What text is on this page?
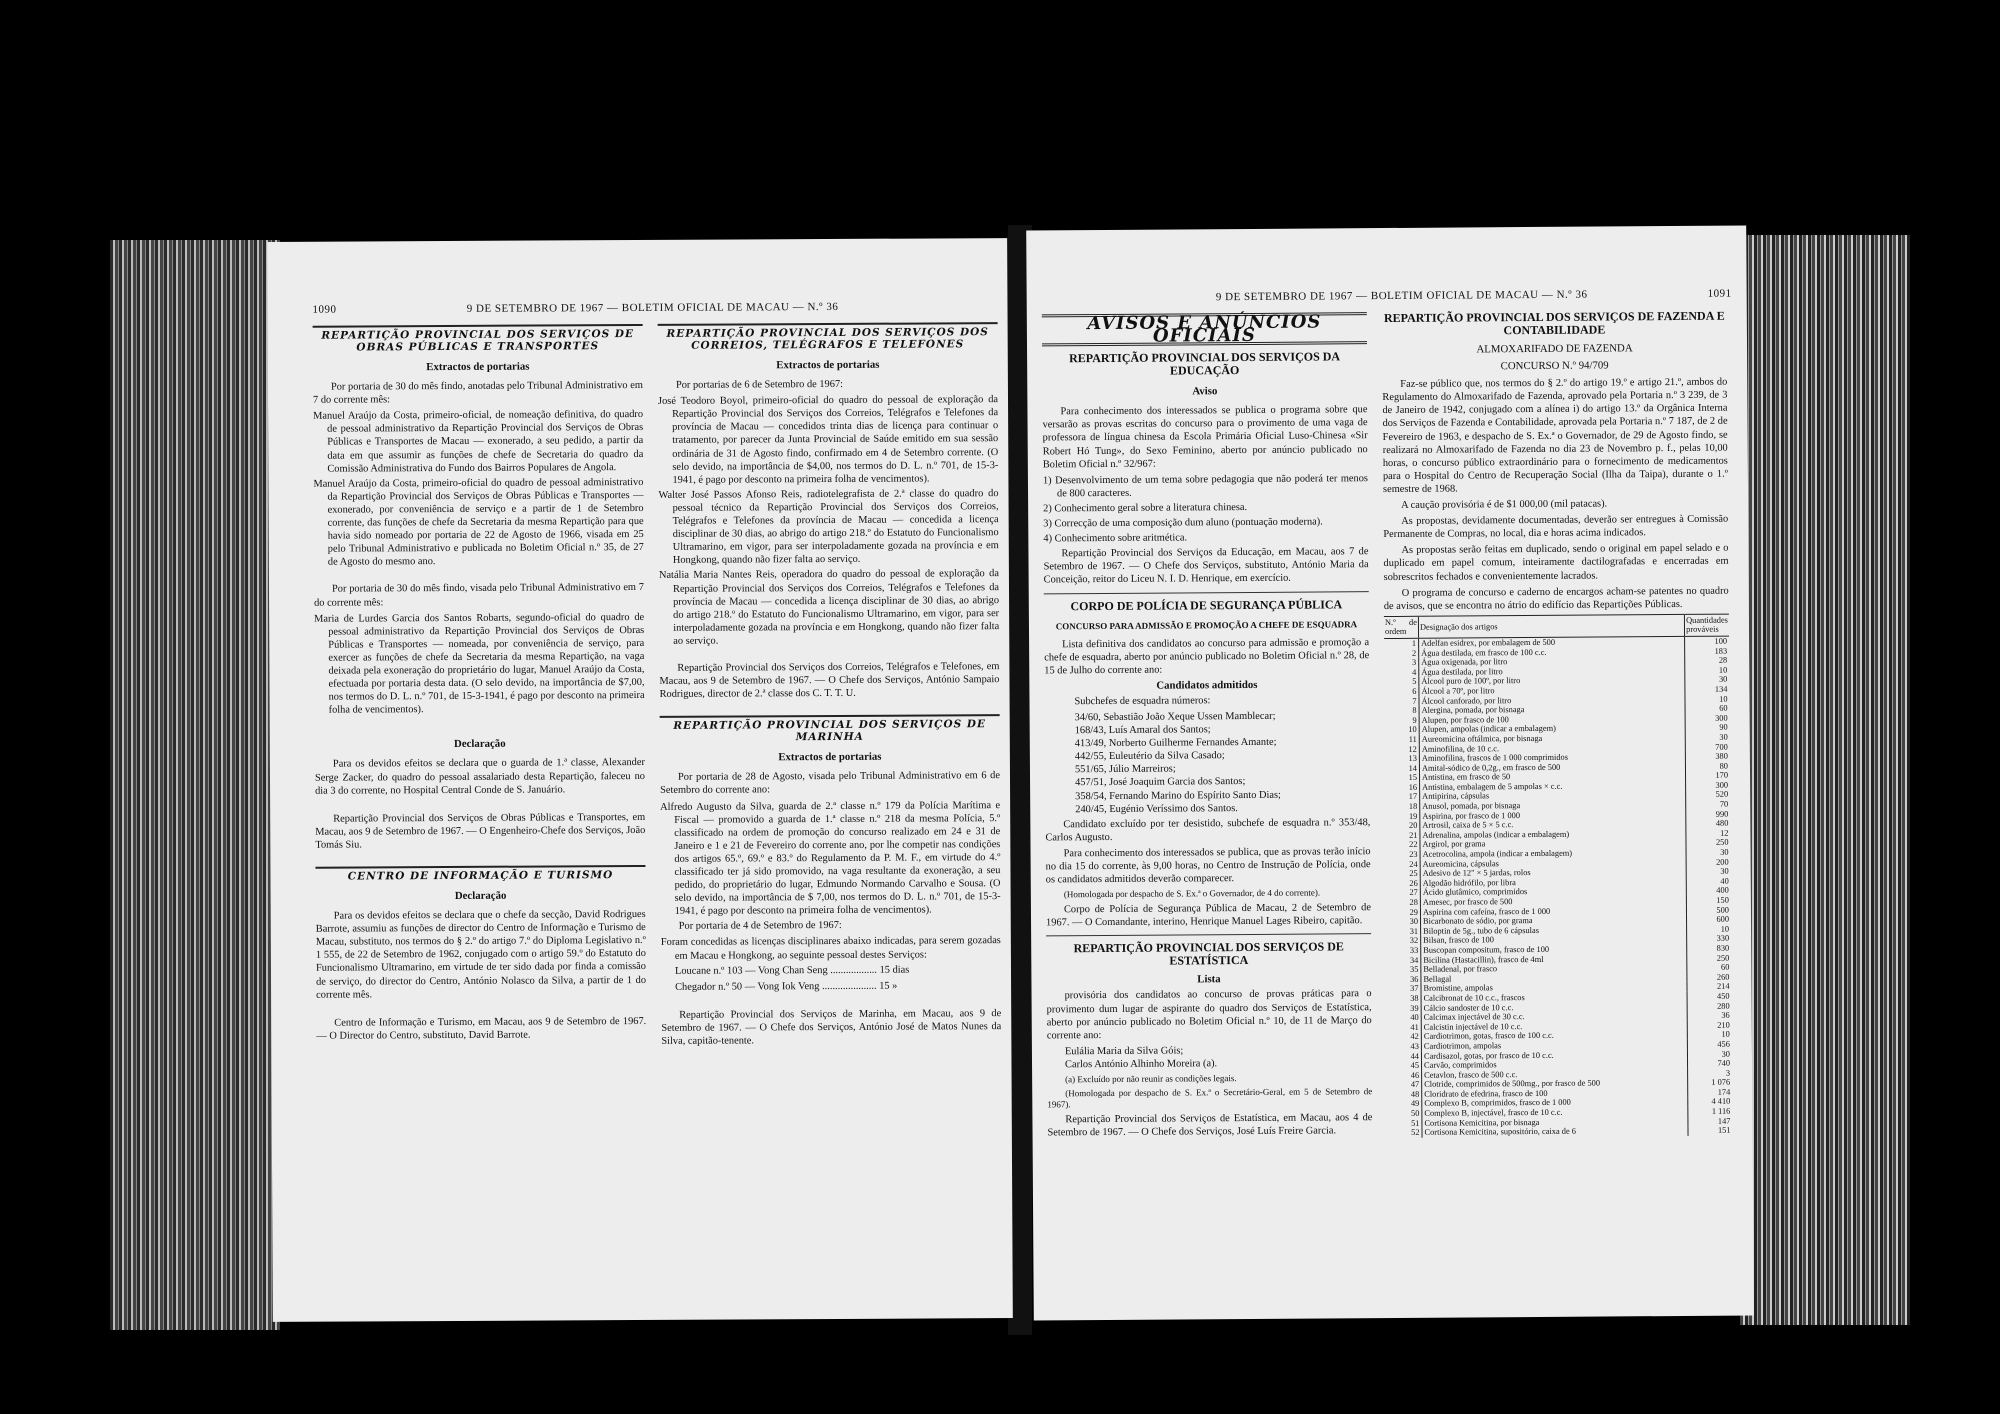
1090	9 DE SETEMBRO DE 1967 — BOLETIM OFICIAL DE MACAU — N.º 36
REPARTIÇÃO PROVINCIAL DOS SERVIÇOS DE OBRAS PÚBLICAS E TRANSPORTES
Extractos de portarias

Por portaria de 30 do mês findo, anotadas pelo Tribunal Administrativo em 7 do corrente mês:

Manuel Araújo da Costa, primeiro-oficial, de nomeação definitiva, do quadro de pessoal administrativo da Repartição Provincial dos Serviços de Obras Públicas e Transportes de Macau — exonerado, a seu pedido, a partir da data em que assumir as funções de chefe de Secretaria do quadro da Comissão Administrativa do Fundo dos Bairros Populares de Angola.

Manuel Araújo da Costa, primeiro-oficial do quadro de pessoal administrativo da Repartição Provincial dos Serviços de Obras Públicas e Transportes — exonerado, por conveniência de serviço e a partir de 1 de Setembro corrente, das funções de chefe da Secretaria da mesma Repartição para que havia sido nomeado por portaria de 22 de Agosto de 1966, visada em 25 pelo Tribunal Administrativo e publicada no Boletim Oficial n.º 35, de 27 de Agosto do mesmo ano.

Por portaria de 30 do mês findo, visada pelo Tribunal Administrativo em 7 do corrente mês:

Maria de Lurdes Garcia dos Santos Robarts, segundo-oficial do quadro de pessoal administrativo da Repartição Provincial dos Serviços de Obras Públicas e Transportes — nomeada, por conveniência de serviço, para exercer as funções de chefe da Secretaria da mesma Repartição, na vaga deixada pela exoneração do proprietário do lugar, Manuel Araújo da Costa, efectuada por portaria desta data. (O selo devido, na importância de $7,00, nos termos do D. L. n.º 701, de 15-3-1941, é pago por desconto na primeira folha de vencimentos).

Declaração

Para os devidos efeitos se declara que o guarda de 1.ª classe, Alexander Serge Zacker, do quadro do pessoal assalariado desta Repartição, faleceu no dia 3 do corrente, no Hospital Central Conde de S. Januário.

Repartição Provincial dos Serviços de Obras Públicas e Transportes, em Macau, aos 9 de Setembro de 1967. — O Engenheiro-Chefe dos Serviços, João Tomás Siu.

CENTRO DE INFORMAÇÃO E TURISMO
Declaração

Para os devidos efeitos se declara que o chefe da secção, David Rodrigues Barrote, assumiu as funções de director do Centro de Informação e Turismo de Macau, substituto, nos termos do § 2.º do artigo 7.º do Diploma Legislativo n.º 1 555, de 22 de Setembro de 1962, conjugado com o artigo 59.º do Estatuto do Funcionalismo Ultramarino, em virtude de ter sido dada por finda a comissão de serviço, do director do Centro, António Nolasco da Silva, a partir de 1 do corrente mês.

Centro de Informação e Turismo, em Macau, aos 9 de Setembro de 1967. — O Director do Centro, substituto, David Barrote.

REPARTIÇÃO PROVINCIAL DOS SERVIÇOS DOS CORREIOS, TELÉGRAFOS E TELEFONES
Extractos de portarias

Por portarias de 6 de Setembro de 1967:

José Teodoro Boyol, primeiro-oficial do quadro do pessoal de exploração da Repartição Provincial dos Serviços dos Correios, Telégrafos e Telefones da província de Macau — concedidos trinta dias de licença para continuar o tratamento, por parecer da Junta Provincial de Saúde emitido em sua sessão ordinária de 31 de Agosto findo, confirmado em 4 de Setembro corrente. (O selo devido, na importância de $4,00, nos termos do D. L. n.º 701, de 15-3-1941, é pago por desconto na primeira folha de vencimentos).

Walter José Passos Afonso Reis, radiotelegrafista de 2.ª classe do quadro do pessoal técnico da Repartição Provincial dos Serviços dos Correios, Telégrafos e Telefones da província de Macau — concedida a licença disciplinar de 30 dias, ao abrigo do artigo 218.º do Estatuto do Funcionalismo Ultramarino, em vigor, para ser interpoladamente gozada na província e em Hongkong, quando não fizer falta ao serviço.

Natália Maria Nantes Reis, operadora do quadro do pessoal de exploração da Repartição Provincial dos Serviços dos Correios, Telégrafos e Telefones da província de Macau — concedida a licença disciplinar de 30 dias, ao abrigo do artigo 218.º do Estatuto do Funcionalismo Ultramarino, em vigor, para ser interpoladamente gozada na província e em Hongkong, quando não fizer falta ao serviço.

Repartição Provincial dos Serviços dos Correios, Telégrafos e Telefones, em Macau, aos 9 de Setembro de 1967. — O Chefe dos Serviços, António Sampaio Rodrigues, director de 2.ª classe dos C. T. T. U.

REPARTIÇÃO PROVINCIAL DOS SERVIÇOS DE MARINHA
Extractos de portarias

Por portaria de 28 de Agosto, visada pelo Tribunal Administrativo em 6 de Setembro do corrente ano:

Alfredo Augusto da Silva, guarda de 2.ª classe n.º 179 da Polícia Marítima e Fiscal — promovido a guarda de 1.ª classe n.º 218 da mesma Polícia, 5.º classificado na ordem de promoção do concurso realizado em 24 e 31 de Janeiro e 1 e 21 de Fevereiro do corrente ano, por lhe competir nas condições dos artigos 65.º, 69.º e 83.º do Regulamento da P. M. F., em virtude do 4.º classificado ter já sido promovido, na vaga resultante da exoneração, a seu pedido, do proprietário do lugar, Edmundo Normando Carvalho e Sousa. (O selo devido, na importância de $ 7,00, nos termos do D. L. n.º 701, de 15-3-1941, é pago por desconto na primeira folha de vencimentos).

Por portaria de 4 de Setembro de 1967:

Foram concedidas as licenças disciplinares abaixo indicadas, para serem gozadas em Macau e Hongkong, ao seguinte pessoal destes Serviços:

Loucane n.º 103 — Vong Chan Seng .................. 15 dias

Chegador n.º 50 — Vong Iok Veng ..................... 15 »

Repartição Provincial dos Serviços de Marinha, em Macau, aos 9 de Setembro de 1967. — O Chefe dos Serviços, António José de Matos Nunes da Silva, capitão-tenente.

9 DE SETEMBRO DE 1967 — BOLETIM OFICIAL DE MACAU — N.º 36	1091
AVISOS E ANÚNCIOS OFICIAIS
REPARTIÇÃO PROVINCIAL DOS SERVIÇOS DA EDUCAÇÃO
Aviso

Para conhecimento dos interessados se publica o programa sobre que versarão as provas escritas do concurso para o provimento de uma vaga de professora de língua chinesa da Escola Primária Oficial Luso-Chinesa «Sir Robert Hó Tung», do Sexo Feminino, aberto por anúncio publicado no Boletim Oficial n.º 32/967:

1) Desenvolvimento de um tema sobre pedagogia que não poderá ter menos de 800 caracteres.

2) Conhecimento geral sobre a literatura chinesa.

3) Correcção de uma composição dum aluno (pontuação moderna).

4) Conhecimento sobre aritmética.

Repartição Provincial dos Serviços da Educação, em Macau, aos 7 de Setembro de 1967. — O Chefe dos Serviços, substituto, António Maria da Conceição, reitor do Liceu N. I. D. Henrique, em exercício.

CORPO DE POLÍCIA DE SEGURANÇA PÚBLICA
CONCURSO PARA ADMISSÃO E PROMOÇÃO A CHEFE DE ESQUADRA

Lista definitiva dos candidatos ao concurso para admissão e promoção a chefe de esquadra, aberto por anúncio publicado no Boletim Oficial n.º 28, de 15 de Julho do corrente ano:

Candidatos admitidos

Subchefes de esquadra números:

34/60, Sebastião João Xeque Ussen Mamblecar;

168/43, Luís Amaral dos Santos;

413/49, Norberto Guilherme Fernandes Amante;

442/55, Euleutério da Silva Casado;

551/65, Júlio Marreiros;

457/51, José Joaquim Garcia dos Santos;

358/54, Fernando Marino do Espírito Santo Dias;

240/45, Eugénio Veríssimo dos Santos.

Candidato excluído por ter desistido, subchefe de esquadra n.º 353/48, Carlos Augusto.

Para conhecimento dos interessados se publica, que as provas terão início no dia 15 do corrente, às 9,00 horas, no Centro de Instrução de Polícia, onde os candidatos admitidos deverão comparecer.

(Homologada por despacho de S. Ex.ª o Governador, de 4 do corrente).

Corpo de Polícia de Segurança Pública de Macau, 2 de Setembro de 1967. — O Comandante, interino, Henrique Manuel Lages Ribeiro, capitão.

REPARTIÇÃO PROVINCIAL DOS SERVIÇOS DE ESTATÍSTICA
Lista

provisória dos candidatos ao concurso de provas práticas para o provimento dum lugar de aspirante do quadro dos Serviços de Estatística, aberto por anúncio publicado no Boletim Oficial n.º 10, de 11 de Março do corrente ano:

Eulália Maria da Silva Góis;

Carlos António Alhinho Moreira (a).

(a) Excluído por não reunir as condições legais.

(Homologada por despacho de S. Ex.ª o Secretário-Geral, em 5 de Setembro de 1967).

Repartição Provincial dos Serviços de Estatística, em Macau, aos 4 de Setembro de 1967. — O Chefe dos Serviços, José Luís Freire Garcia.

REPARTIÇÃO PROVINCIAL DOS SERVIÇOS DE FAZENDA E CONTABILIDADE
ALMOXARIFADO DE FAZENDA
CONCURSO N.º 94/709

Faz-se público que, nos termos do § 2.º do artigo 19.º e artigo 21.º, ambos do Regulamento do Almoxarifado de Fazenda, aprovado pela Portaria n.º 3 239, de 3 de Janeiro de 1942, conjugado com a alínea i) do artigo 13.º da Orgânica Interna dos Serviços de Fazenda e Contabilidade, aprovada pela Portaria n.º 7 187, de 2 de Fevereiro de 1963, e despacho de S. Ex.ª o Governador, de 29 de Agosto findo, se realizará no Almoxarifado de Fazenda no dia 23 de Novembro p. f., pelas 10,00 horas, o concurso público extraordinário para o fornecimento de medicamentos para o Hospital do Centro de Recuperação Social (Ilha da Taipa), durante o 1.º semestre de 1968.

A caução provisória é de $1 000,00 (mil patacas).

As propostas, devidamente documentadas, deverão ser entregues à Comissão Permanente de Compras, no local, dia e horas acima indicados.

As propostas serão feitas em duplicado, sendo o original em papel selado e o duplicado em papel comum, inteiramente dactilografadas e encerradas em sobrescritos fechados e convenientemente lacrados.

O programa de concurso e caderno de encargos acham-se patentes no quadro de avisos, que se encontra no átrio do edifício das Repartições Públicas.

N.º de ordem	Designação dos artigos	Quantidades prováveis
1	Adelfan esidrex, por embalagem de 500	100
2	Água destilada, em frasco de 100 c.c.	183
3	Água oxigenada, por litro	28
4	Água destilada, por litro	10
5	Álcool puro de 100º, por litro	30
6	Álcool a 70º, por litro	134
7	Álcool canforado, por litro	10
8	Alergina, pomada, por bisnaga	60
9	Alupen, por frasco de 100	300
10	Alupen, ampolas (indicar a embalagem)	90
11	Aureomicina oftálmica, por bisnaga	30
12	Aminofilina, de 10 c.c.	700
13	Aminofilina, frascos de 1 000 comprimidos	380
14	Amital-sódico de 0,2g., em frasco de 500	80
15	Antistina, em frasco de 50	170
16	Antistina, embalagem de 5 ampolas × c.c.	300
17	Antipirina, cápsulas	520
18	Anusol, pomada, por bisnaga	70
19	Aspirina, por frasco de 1 000	990
20	Artrosil, caixa de 5 × 5 c.c.	480
21	Adrenalina, ampolas (indicar a embalagem)	12
22	Argirol, por grama	250
23	Acetrocolina, ampola (indicar a embalagem)	30
24	Aureomicina, cápsulas	200
25	Adesivo de 12" × 5 jardas, rolos	30
26	Algodão hidrófilo, por libra	40
27	Ácido glutâmico, comprimidos	400
28	Amesec, por frasco de 500	150
29	Aspirina com cafeína, frasco de 1 000	500
30	Bicarbonato de sódio, por grama	600
31	Biloptin de 5g., tubo de 6 cápsulas	10
32	Bilsan, frasco de 100	330
33	Buscopan compositum, frasco de 100	830
34	Bicilina (Hastacillin), frasco de 4ml	250
35	Belladenal, por frasco	60
36	Bellagal	260
37	Bromistine, ampolas	214
38	Calcibronat de 10 c.c., frascos	450
39	Cálcio sandoster de 10 c.c.	280
40	Calcimax injectável de 30 c.c.	36
41	Calcistin injectável de 10 c.c.	210
42	Cardiotrimon, gotas, frasco de 100 c.c.	10
43	Cardiotrimon, ampolas	456
44	Cardisazol, gotas, por frasco de 10 c.c.	30
45	Carvão, comprimidos	740
46	Cetavlon, frasco de 500 c.c.	3
47	Clotride, comprimidos de 500mg., por frasco de 500	1 076
48	Cloridrato de efedrina, frasco de 100	174
49	Complexo B, comprimidos, frasco de 1 000	4 410
50	Complexo B, injectável, frasco de 10 c.c.	1 116
51	Cortisona Kemicitina, por bisnaga	147
52	Cortisona Kemicitina, supositório, caixa de 6	151
